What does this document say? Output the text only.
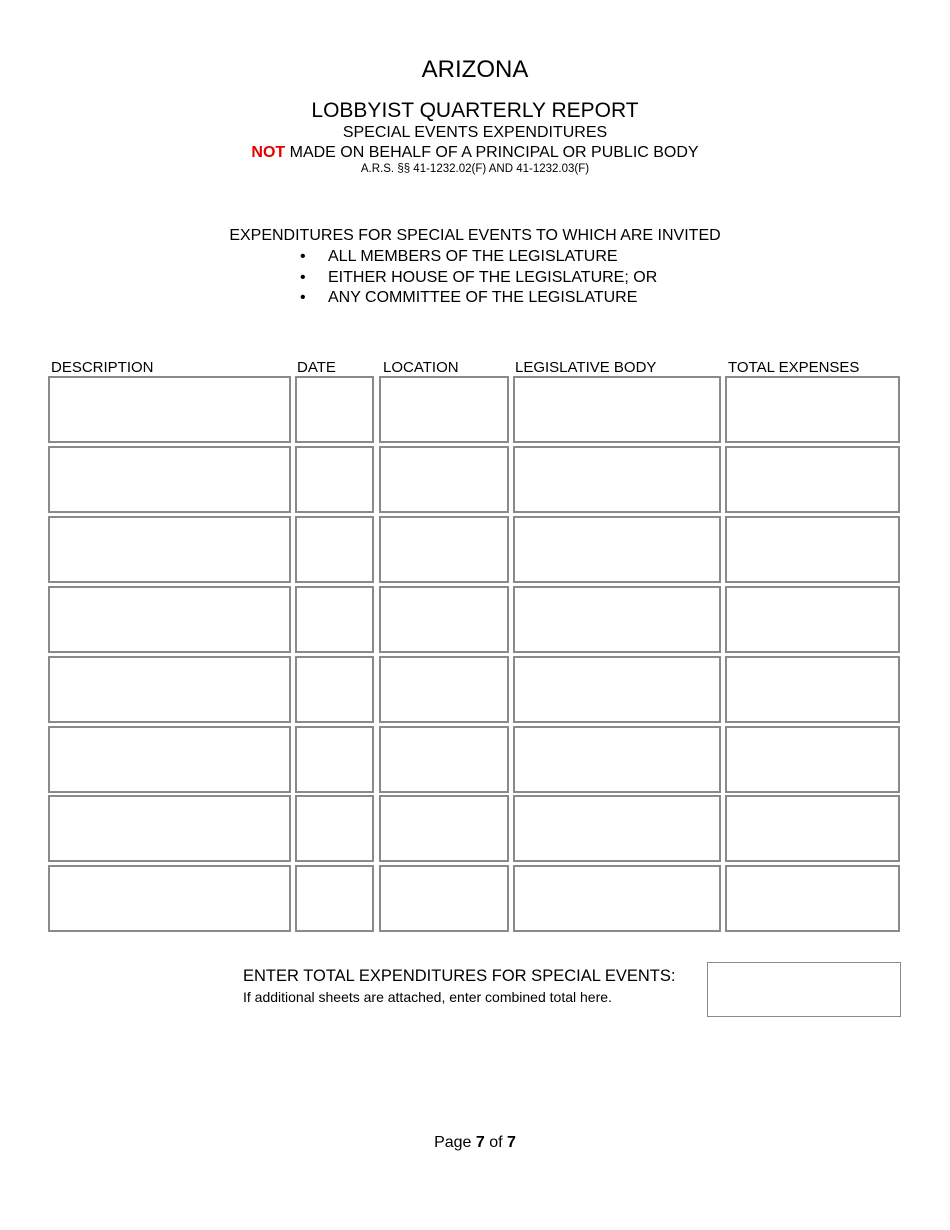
ARIZONA
LOBBYIST QUARTERLY REPORT
SPECIAL EVENTS EXPENDITURES
NOT MADE ON BEHALF OF A PRINCIPAL OR PUBLIC BODY
A.R.S. §§ 41-1232.02(F) AND 41-1232.03(F)
EXPENDITURES FOR SPECIAL EVENTS TO WHICH ARE INVITED
• ALL MEMBERS OF THE LEGISLATURE
• EITHER HOUSE OF THE LEGISLATURE; OR
• ANY COMMITTEE OF THE LEGISLATURE
DESCRIPTION	DATE	LOCATION	LEGISLATIVE BODY	TOTAL EXPENSES
ENTER TOTAL EXPENDITURES FOR SPECIAL EVENTS:
If additional sheets are attached, enter combined total here.
Page 7 of 7
